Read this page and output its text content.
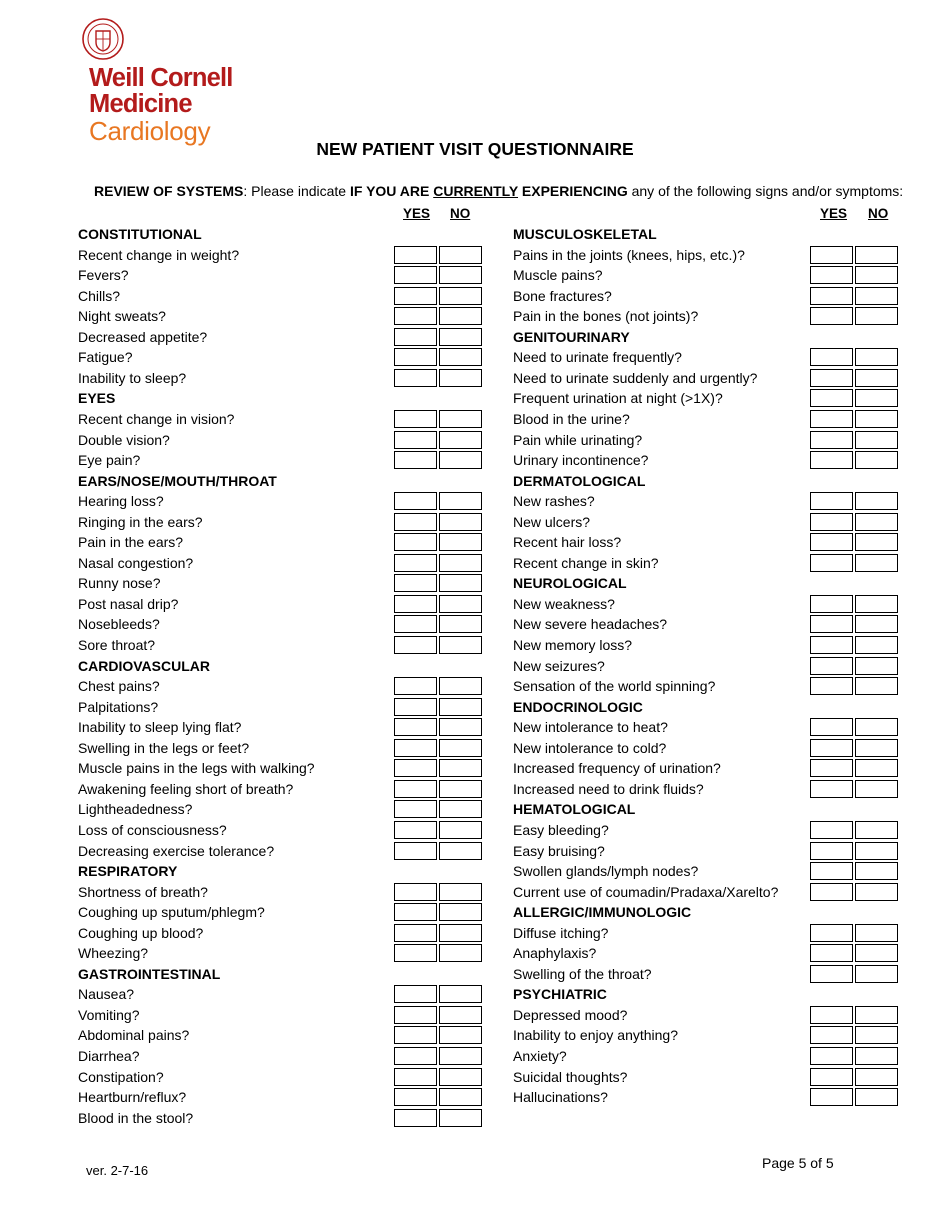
Weill Cornell
Medicine
Cardiology
NEW PATIENT VISIT QUESTIONNAIRE
REVIEW OF SYSTEMS: Please indicate IF YOU ARE CURRENTLY EXPERIENCING any of the following signs and/or symptoms:
YES NO
CONSTITUTIONAL
Recent change in weight?
Fevers?
Chills?
Night sweats?
Decreased appetite?
Fatigue?
Inability to sleep?
EYES
Recent change in vision?
Double vision?
Eye pain?
EARS/NOSE/MOUTH/THROAT
Hearing loss?
Ringing in the ears?
Pain in the ears?
Nasal congestion?
Runny nose?
Post nasal drip?
Nosebleeds?
Sore throat?
CARDIOVASCULAR
Chest pains?
Palpitations?
Inability to sleep lying flat?
Swelling in the legs or feet?
Muscle pains in the legs with walking?
Awakening feeling short of breath?
Lightheadedness?
Loss of consciousness?
Decreasing exercise tolerance?
RESPIRATORY
Shortness of breath?
Coughing up sputum/phlegm?
Coughing up blood?
Wheezing?
GASTROINTESTINAL
Nausea?
Vomiting?
Abdominal pains?
Diarrhea?
Constipation?
Heartburn/reflux?
Blood in the stool?
YES NO
MUSCULOSKELETAL
Pains in the joints (knees, hips, etc.)?
Muscle pains?
Bone fractures?
Pain in the bones (not joints)?
GENITOURINARY
Need to urinate frequently?
Need to urinate suddenly and urgently?
Frequent urination at night (>1X)?
Blood in the urine?
Pain while urinating?
Urinary incontinence?
DERMATOLOGICAL
New rashes?
New ulcers?
Recent hair loss?
Recent change in skin?
NEUROLOGICAL
New weakness?
New severe headaches?
New memory loss?
New seizures?
Sensation of the world spinning?
ENDOCRINOLOGIC
New intolerance to heat?
New intolerance to cold?
Increased frequency of urination?
Increased need to drink fluids?
HEMATOLOGICAL
Easy bleeding?
Easy bruising?
Swollen glands/lymph nodes?
Current use of coumadin/Pradaxa/Xarelto?
ALLERGIC/IMMUNOLOGIC
Diffuse itching?
Anaphylaxis?
Swelling of the throat?
PSYCHIATRIC
Depressed mood?
Inability to enjoy anything?
Anxiety?
Suicidal thoughts?
Hallucinations?
ver. 2-7-16	Page 5 of 5
